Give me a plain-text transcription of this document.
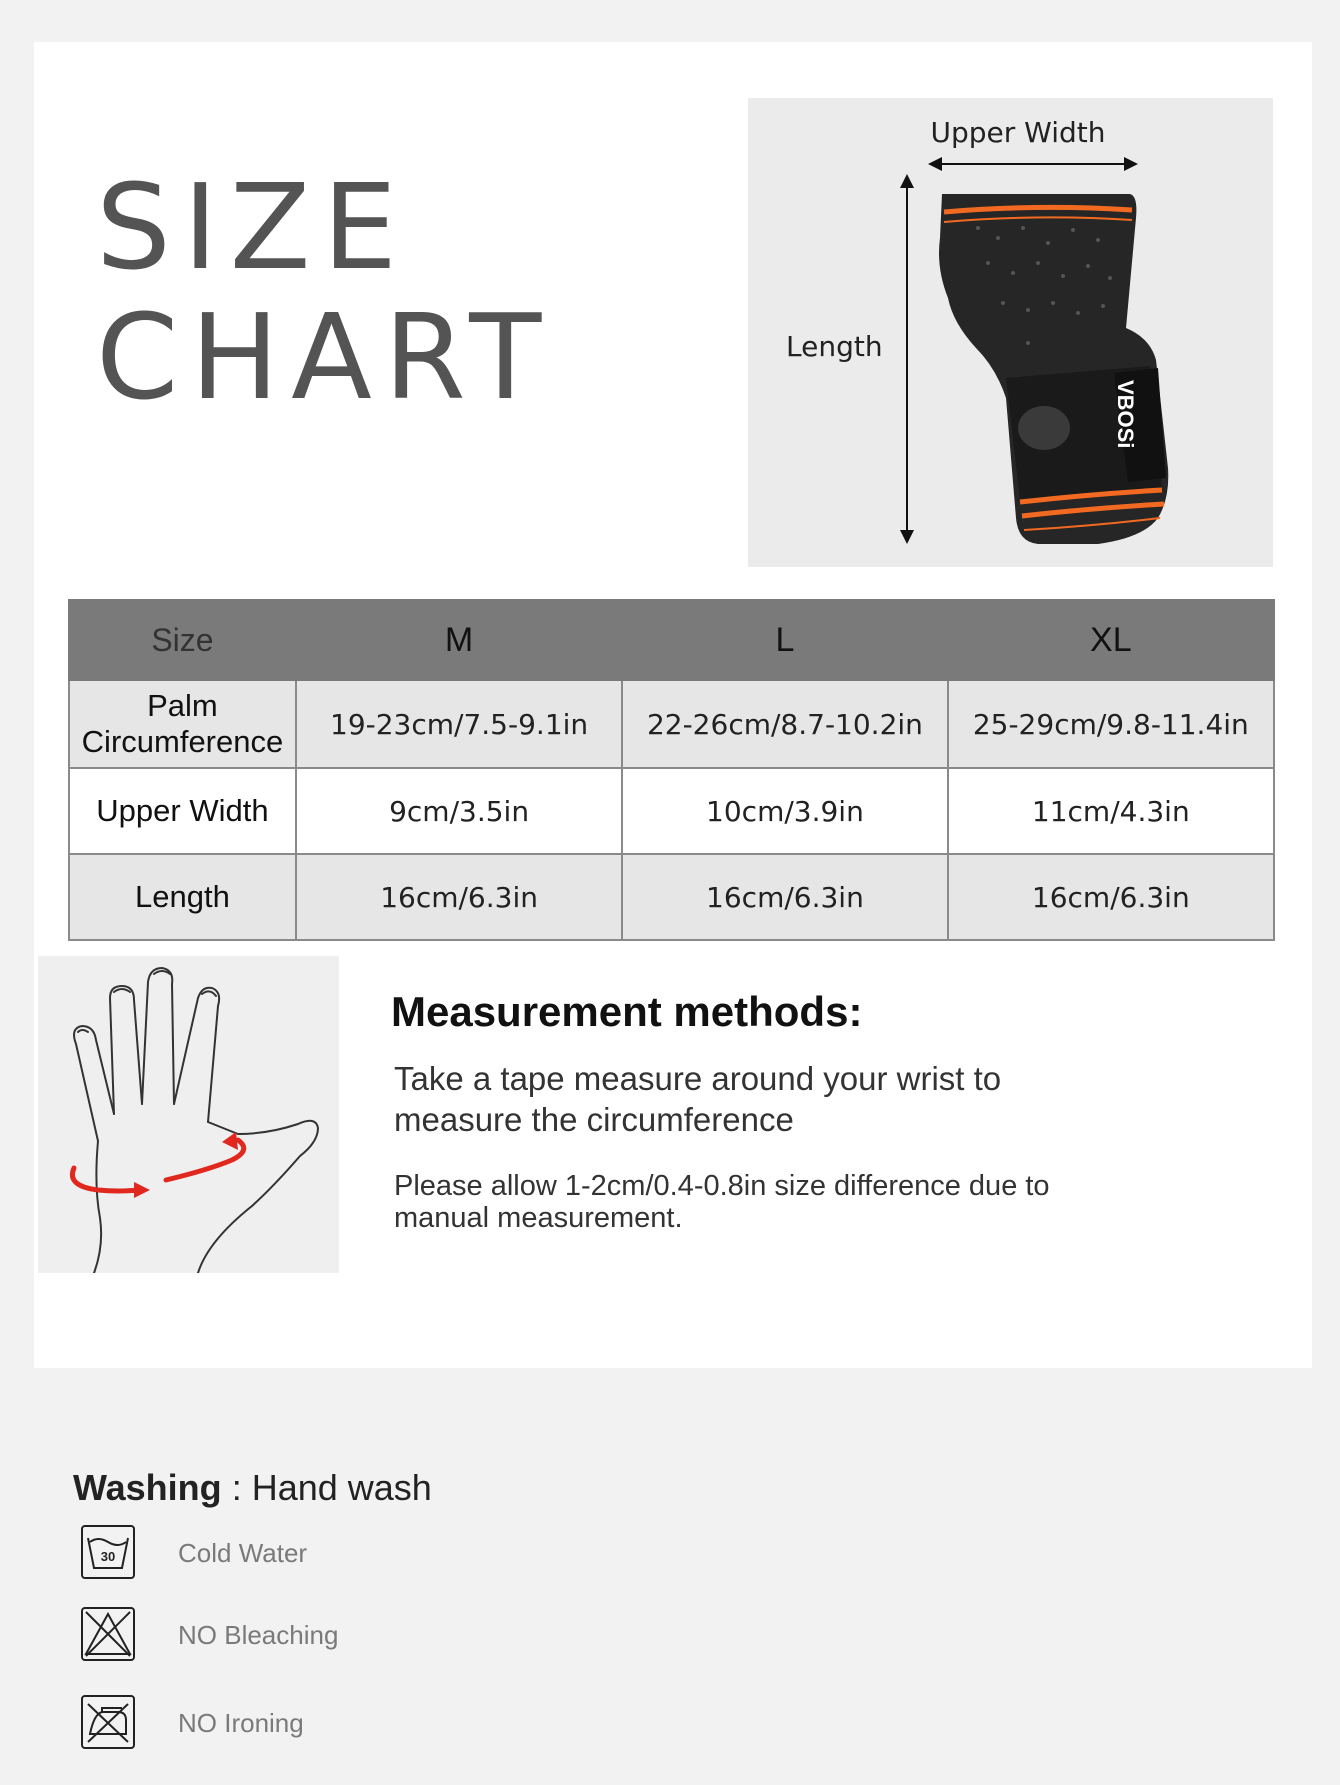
SIZE
CHART	VBOSi
Upper Width
Length
Size	M	L	XL

Palm
Circumference	19-23cm/7.5-9.1in	22-26cm/8.7-10.2in	25-29cm/9.8-11.4in
Upper Width	9cm/3.5in	10cm/3.9in	11cm/4.3in
Length	16cm/6.3in	16cm/6.3in	16cm/6.3in
Measurement methods:

Take a tape measure around your wrist to measure the circumference

Please allow 1-2cm/0.4-0.8in size difference due to manual measurement.

Washing : Hand wash
30 Cold Water
NO Bleaching
NO Ironing
